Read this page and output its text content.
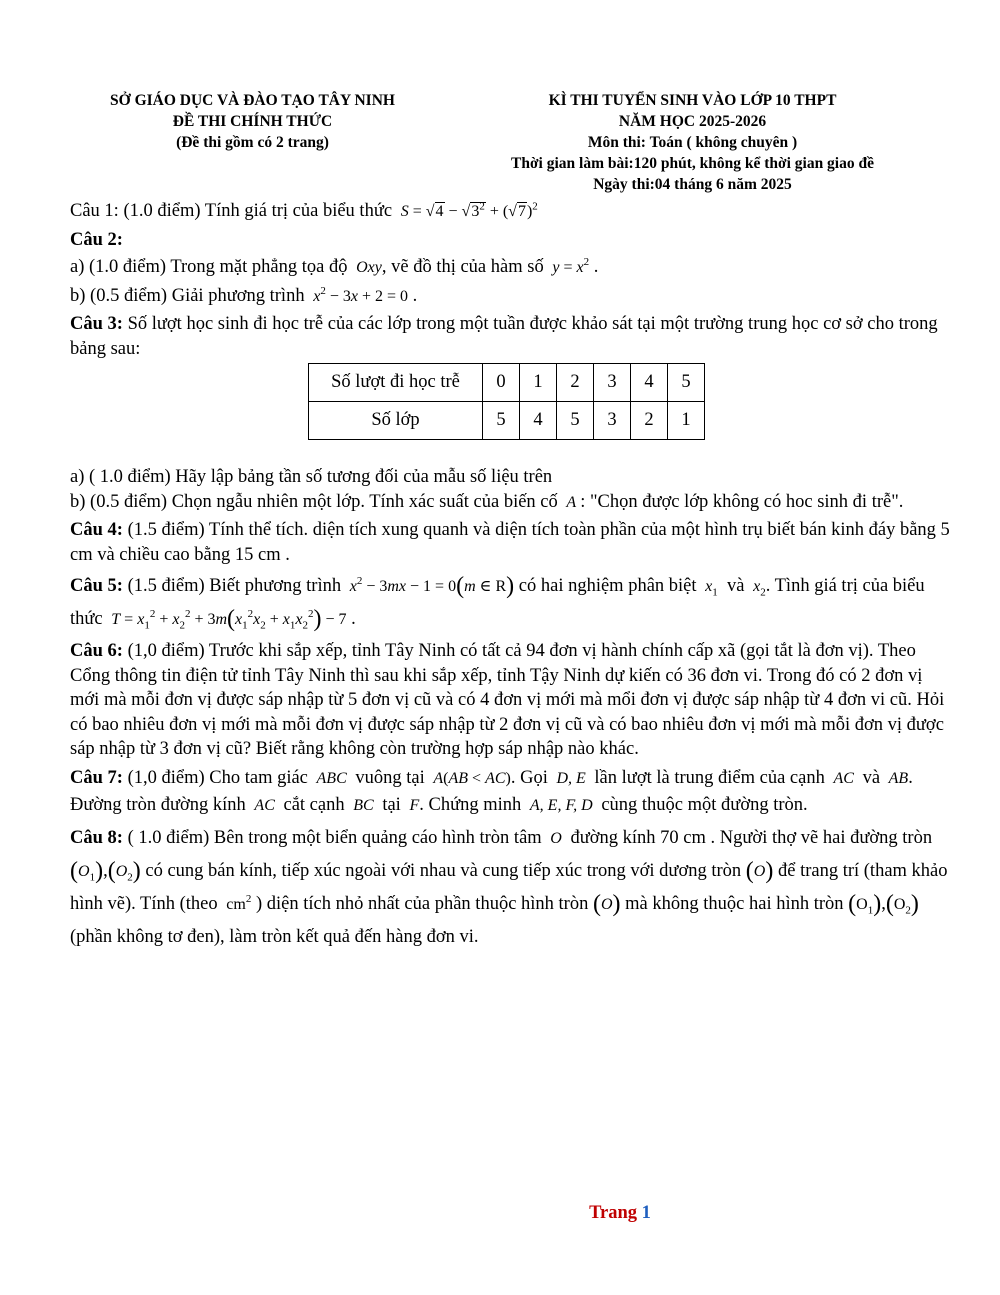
SỞ GIÁO DỤC VÀ ĐÀO TẠO TÂY NINH
ĐỀ THI CHÍNH THỨC
(Đề thi gồm có 2 trang)
KÌ THI TUYỂN SINH VÀO LỚP 10 THPT
NĂM HỌC 2025-2026
Môn thi: Toán ( không chuyên )
Thời gian làm bài:120 phút, không kể thời gian giao đề
Ngày thi:04 tháng 6 năm 2025

Câu 1: (1.0 điểm) Tính giá trị của biểu thức  $S = √4 - √3^2 + (√7)^2$

Câu 2:

a) (1.0 điểm) Trong mặt phẳng tọa độ  Oxy, vẽ đồ thị của hàm số  $y = x^2$ .

b) (0.5 điểm) Giải phương trình  $x^2 - 3x + 2 = 0$ .

Câu 3: Số lượt học sinh đi học trễ của các lớp trong một tuần được khảo sát tại một trường trung học cơ sở cho trong bảng sau:

Số lượt đi học trễ	0	1	2	3	4	5
Số lớp	5	4	5	3	2	1

a) ( 1.0 điểm) Hãy lập bảng tần số tương đối của mẫu số liệu trên

b) (0.5 điểm) Chọn ngẫu nhiên một lớp. Tính xác suất của biến cố  A : "Chọn được lớp không có hoc sinh đi trễ".

Câu 4: (1.5 điểm) Tính thể tích. diện tích xung quanh và diện tích toàn phần của một hình trụ biết bán kinh đáy bằng 5 cm và chiều cao bằng 15 cm .

Câu 5: (1.5 điểm) Biết phương trình  $x^2 - 3mx - 1 = 0(m$ ∈ R) có hai nghiệm phân biệt  $x_1$ và  $x_2$. Tình giá trị của biểu thức  $T = x_1^2 + x_2^2 + 3m(x_1^2x_2 + x_1x_2^2) - 7$ .

Câu 6: (1,0 điểm) Trước khi sắp xếp, tỉnh Tây Ninh có tất cả 94 đơn vị hành chính cấp xã (gọi tắt là đơn vị). Theo Cổng thông tin điện tử tỉnh Tây Ninh thì sau khi sắp xếp, tỉnh Tậy Ninh dự kiến có 36 đơn vi. Trong đó có 2 đơn vị mới mà mỗi đơn vị được sáp nhập từ 5 đơn vị cũ và có 4 đơn vị mới mà mổi đơn vị được sáp nhập từ 4 đơn vi cũ. Hỏi có bao nhiêu đơn vị mới mà mỗi đơn vị được sáp nhập từ 2 đơn vị cũ và có bao nhiêu đơn vị mới mà mỗi đơn vị được sáp nhập từ 3 đơn vị cũ? Biết rằng không còn trường hợp sáp nhập nào khác.

Câu 7: (1,0 điểm) Cho tam giác  ABC  vuông tại  A(AB < AC). Gọi  D, E  lần lượt là trung điểm của cạnh  AC  và  AB. Đường tròn đường kính  AC  cắt cạnh  BC  tại  F. Chứng minh  A, E, F, D  cùng thuộc một đường tròn.

Câu 8: ( 1.0 điểm) Bên trong một biển quảng cáo hình tròn tâm  O  đường kính 70 cm . Người thợ vẽ hai đường tròn $(O_1),(O_2)$ có cung bán kính, tiếp xúc ngoài với nhau và cung tiếp xúc trong với dương tròn (O) để trang trí (tham khảo hình vẽ). Tính (theo  $cm^2$ ) diện tích nhỏ nhất của phần thuộc hình tròn (O) mà không thuộc hai hình tròn $(O_1),(O_2)$ (phần không tơ đen), làm tròn kết quả đến hàng đơn vi.

Trang 1
